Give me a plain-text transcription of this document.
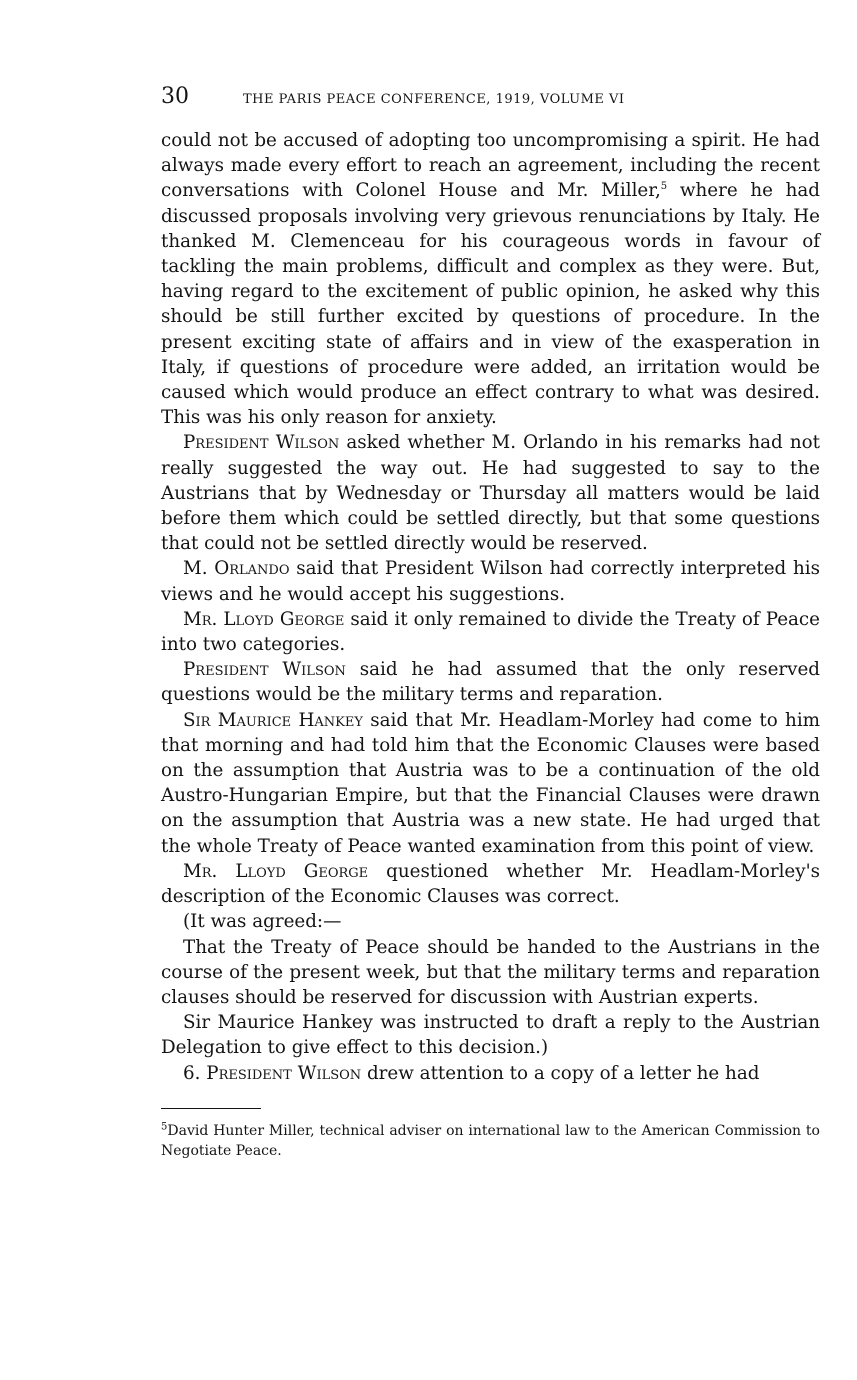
30	THE PARIS PEACE CONFERENCE, 1919, VOLUME VI

could not be accused of adopting too uncompromising a spirit. He had always made every effort to reach an agreement, including the recent conversations with Colonel House and Mr. Miller,$^5$ where he had discussed proposals involving very grievous renunciations by Italy. He thanked M. Clemenceau for his courageous words in favour of tackling the main problems, difficult and complex as they were. But, having regard to the excitement of public opinion, he asked why this should be still further excited by questions of procedure. In the present exciting state of affairs and in view of the exasperation in Italy, if questions of procedure were added, an irritation would be caused which would produce an effect contrary to what was desired. This was his only reason for anxiety.

President Wilson asked whether M. Orlando in his remarks had not really suggested the way out. He had suggested to say to the Austrians that by Wednesday or Thursday all matters would be laid before them which could be settled directly, but that some questions that could not be settled directly would be reserved.

M. Orlando said that President Wilson had correctly interpreted his views and he would accept his suggestions.

Mr. Lloyd George said it only remained to divide the Treaty of Peace into two categories.

President Wilson said he had assumed that the only reserved questions would be the military terms and reparation.

Sir Maurice Hankey said that Mr. Headlam-Morley had come to him that morning and had told him that the Economic Clauses were based on the assumption that Austria was to be a continuation of the old Austro-Hungarian Empire, but that the Financial Clauses were drawn on the assumption that Austria was a new state. He had urged that the whole Treaty of Peace wanted examination from this point of view.

Mr. Lloyd George questioned whether Mr. Headlam-Morley's description of the Economic Clauses was correct.

(It was agreed:—

That the Treaty of Peace should be handed to the Austrians in the course of the present week, but that the military terms and reparation clauses should be reserved for discussion with Austrian experts.

Sir Maurice Hankey was instructed to draft a reply to the Austrian Delegation to give effect to this decision.)

6. President Wilson drew attention to a copy of a letter he had

$^5$David Hunter Miller, technical adviser on international law to the American Commission to Negotiate Peace.
